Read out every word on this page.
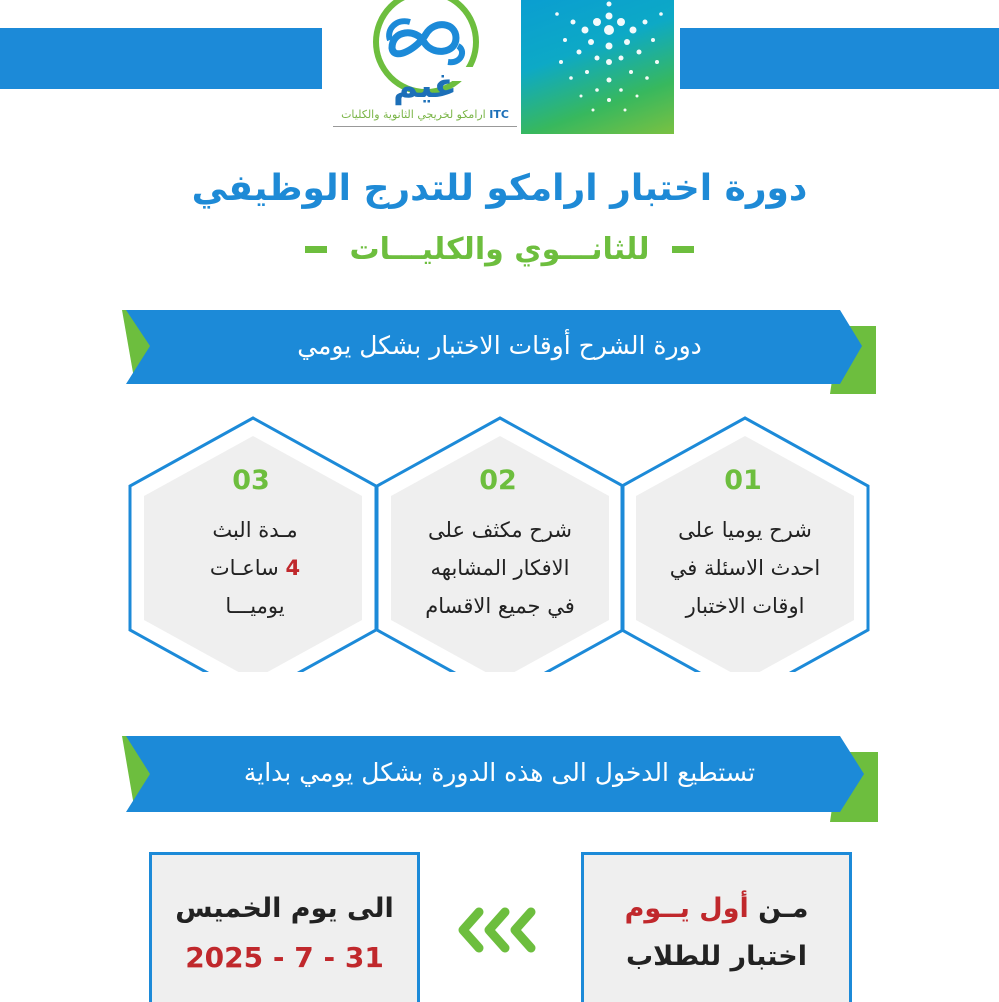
غيم
ITC ارامكو لخريجي الثانوية والكليات
دورة اختبار ارامكو للتدرج الوظيفي
للثانـــوي والكليـــات
دورة الشرح أوقات الاختبار بشكل يومي
01
شرح يوميا على
احدث الاسئلة في
اوقات الاختبار
02
شرح مكثف على
الافكار المشابهه
في جميع الاقسام
03
مـدة البث
4 ساعـات
يوميـــا
تستطيع الدخول الى هذه الدورة بشكل يومي بداية
الى يوم الخميس
2025 - 7 - 31
مـن أول يــوم
اختبار للطلاب
